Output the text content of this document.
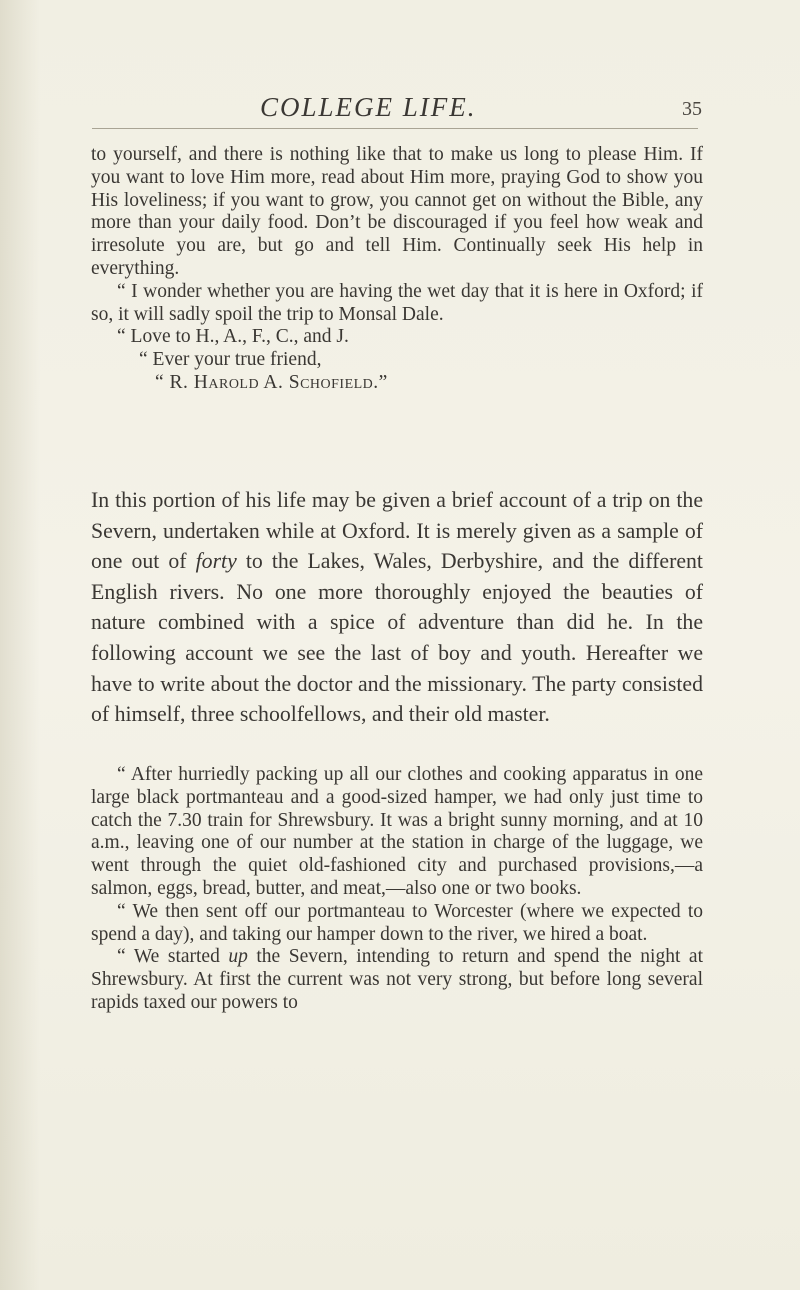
COLLEGE LIFE.	35

to yourself, and there is nothing like that to make us long to please Him. If you want to love Him more, read about Him more, praying God to show you His loveliness; if you want to grow, you cannot get on without the Bible, any more than your daily food. Don’t be discouraged if you feel how weak and irresolute you are, but go and tell Him. Continually seek His help in everything.

“ I wonder whether you are having the wet day that it is here in Oxford; if so, it will sadly spoil the trip to Monsal Dale.

“ Love to H., A., F., C., and J.

“ Ever your true friend,

“ R. Harold A. Schofield.”

In this portion of his life may be given a brief account of a trip on the Severn, undertaken while at Oxford. It is merely given as a sample of one out of forty to the Lakes, Wales, Derbyshire, and the different English rivers. No one more thoroughly enjoyed the beauties of nature combined with a spice of adventure than did he. In the following account we see the last of boy and youth. Hereafter we have to write about the doctor and the missionary. The party consisted of himself, three schoolfellows, and their old master.

“ After hurriedly packing up all our clothes and cooking apparatus in one large black portmanteau and a good-sized hamper, we had only just time to catch the 7.30 train for Shrewsbury. It was a bright sunny morning, and at 10 a.m., leaving one of our number at the station in charge of the luggage, we went through the quiet old-fashioned city and purchased provisions,—a salmon, eggs, bread, butter, and meat,—also one or two books.

“ We then sent off our portmanteau to Worcester (where we expected to spend a day), and taking our hamper down to the river, we hired a boat.

“ We started up the Severn, intending to return and spend the night at Shrewsbury. At first the current was not very strong, but before long several rapids taxed our powers to
